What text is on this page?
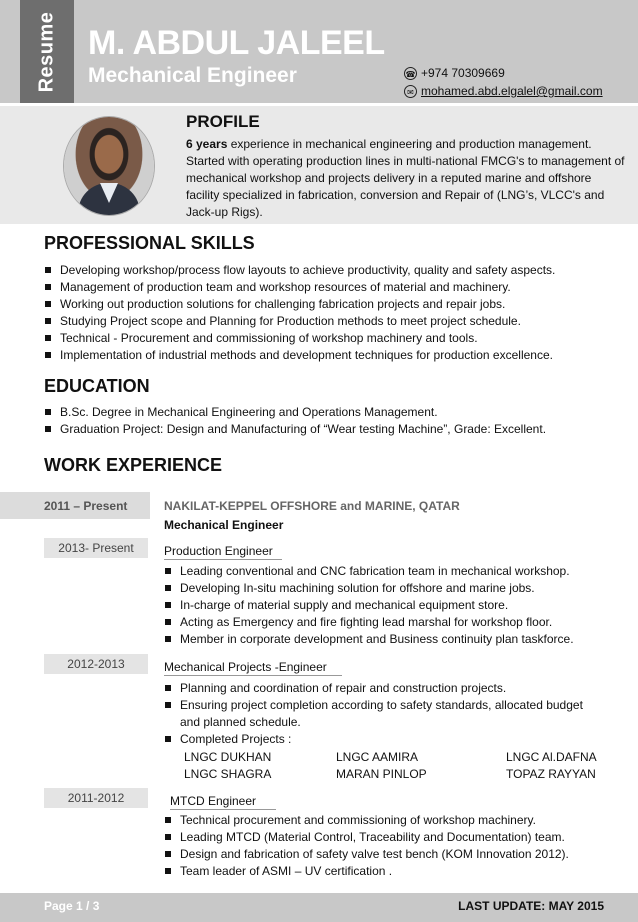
Resume M. ABDUL JALEEL
Mechanical Engineer	☎ +974 70309669
✉ mohamed.abd.elgalel@gmail.com
PROFILE
6 years experience in mechanical engineering and production management. Started with operating production lines in multi-national FMCG's to management of mechanical workshop and projects delivery in a reputed marine and offshore facility specialized in fabrication, conversion and Repair of (LNG’s, VLCC's and Jack-up Rigs).
PROFESSIONAL SKILLS
Developing workshop/process flow layouts to achieve productivity, quality and safety aspects.
Management of production team and workshop resources of material and machinery.
Working out production solutions for challenging fabrication projects and repair jobs.
Studying Project scope and Planning for Production methods to meet project schedule.
Technical - Procurement and commissioning of workshop machinery and tools.
Implementation of industrial methods and development techniques for production excellence.
EDUCATION
B.Sc. Degree in Mechanical Engineering and Operations Management.
Graduation Project: Design and Manufacturing of “Wear testing Machine”, Grade: Excellent.
WORK EXPERIENCE
2011 – Present	NAKILAT-KEPPEL OFFSHORE and MARINE, QATAR
Mechanical Engineer
2013- Present	Production Engineer
Leading conventional and CNC fabrication team in mechanical workshop.
Developing In-situ machining solution for offshore and marine jobs.
In-charge of material supply and mechanical equipment store.
Acting as Emergency and fire fighting lead marshal for workshop floor.
Member in corporate development and Business continuity plan taskforce.
2012-2013	Mechanical Projects -Engineer
Planning and coordination of repair and construction projects.
Ensuring project completion according to safety standards, allocated budget and planned schedule.
Completed Projects :
LNGC DUKHAN	LNGC AAMIRA	LNGC Al.DAFNA
LNGC SHAGRA	MARAN PINLOP	TOPAZ RAYYAN
2011-2012	MTCD Engineer
Technical procurement and commissioning of workshop machinery.
Leading MTCD (Material Control, Traceability and Documentation) team.
Design and fabrication of safety valve test bench (KOM Innovation 2012).
Team leader of ASMI – UV certification .
Page 1 / 3	LAST UPDATE: MAY 2015
